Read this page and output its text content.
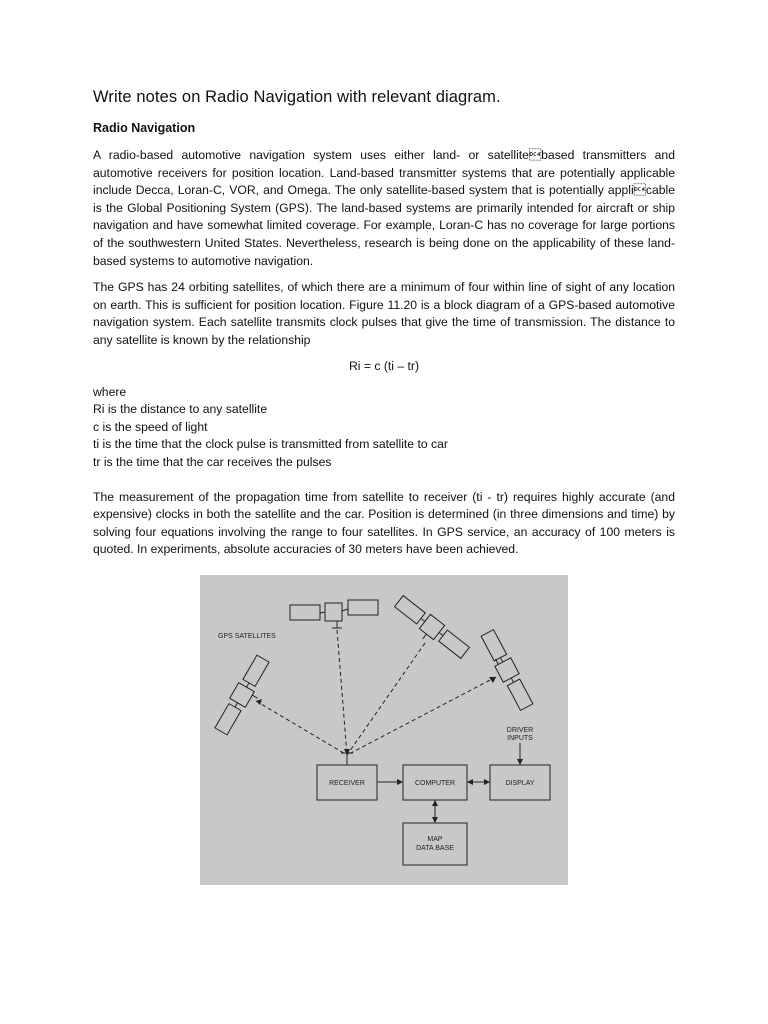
Write notes on Radio Navigation with relevant diagram.
Radio Navigation

A radio-based automotive navigation system uses either land- or satellitebased transmitters and automotive receivers for position location. Land-based transmitter systems that are potentially applicable include Decca, Loran-C, VOR, and Omega. The only satellite-based system that is potentially applicable is the Global Positioning System (GPS). The land-based systems are primarily intended for aircraft or ship navigation and have somewhat limited coverage. For example, Loran-C has no coverage for large portions of the southwestern United States. Nevertheless, research is being done on the applicability of these land-based systems to automotive navigation.

The GPS has 24 orbiting satellites, of which there are a minimum of four within line of sight of any location on earth. This is sufficient for position location. Figure 11.20 is a block diagram of a GPS-based automotive navigation system. Each satellite transmits clock pulses that give the time of transmission. The distance to any satellite is known by the relationship

Ri = c (ti – tr)
where
Ri is the distance to any satellite
c is the speed of light
ti is the time that the clock pulse is transmitted from satellite to car
tr is the time that the car receives the pulses

The measurement of the propagation time from satellite to receiver (ti - tr) requires highly accurate (and expensive) clocks in both the satellite and the car. Position is determined (in three dimensions and time) by solving four equations involving the range to four satellites. In GPS service, an accuracy of 100 meters is quoted. In experiments, absolute accuracies of 30 meters have been achieved.

GPS SATELLITES
RECEIVER	COMPUTER	DISPLAY
DRIVER
INPUTS
MAP
DATA BASE
